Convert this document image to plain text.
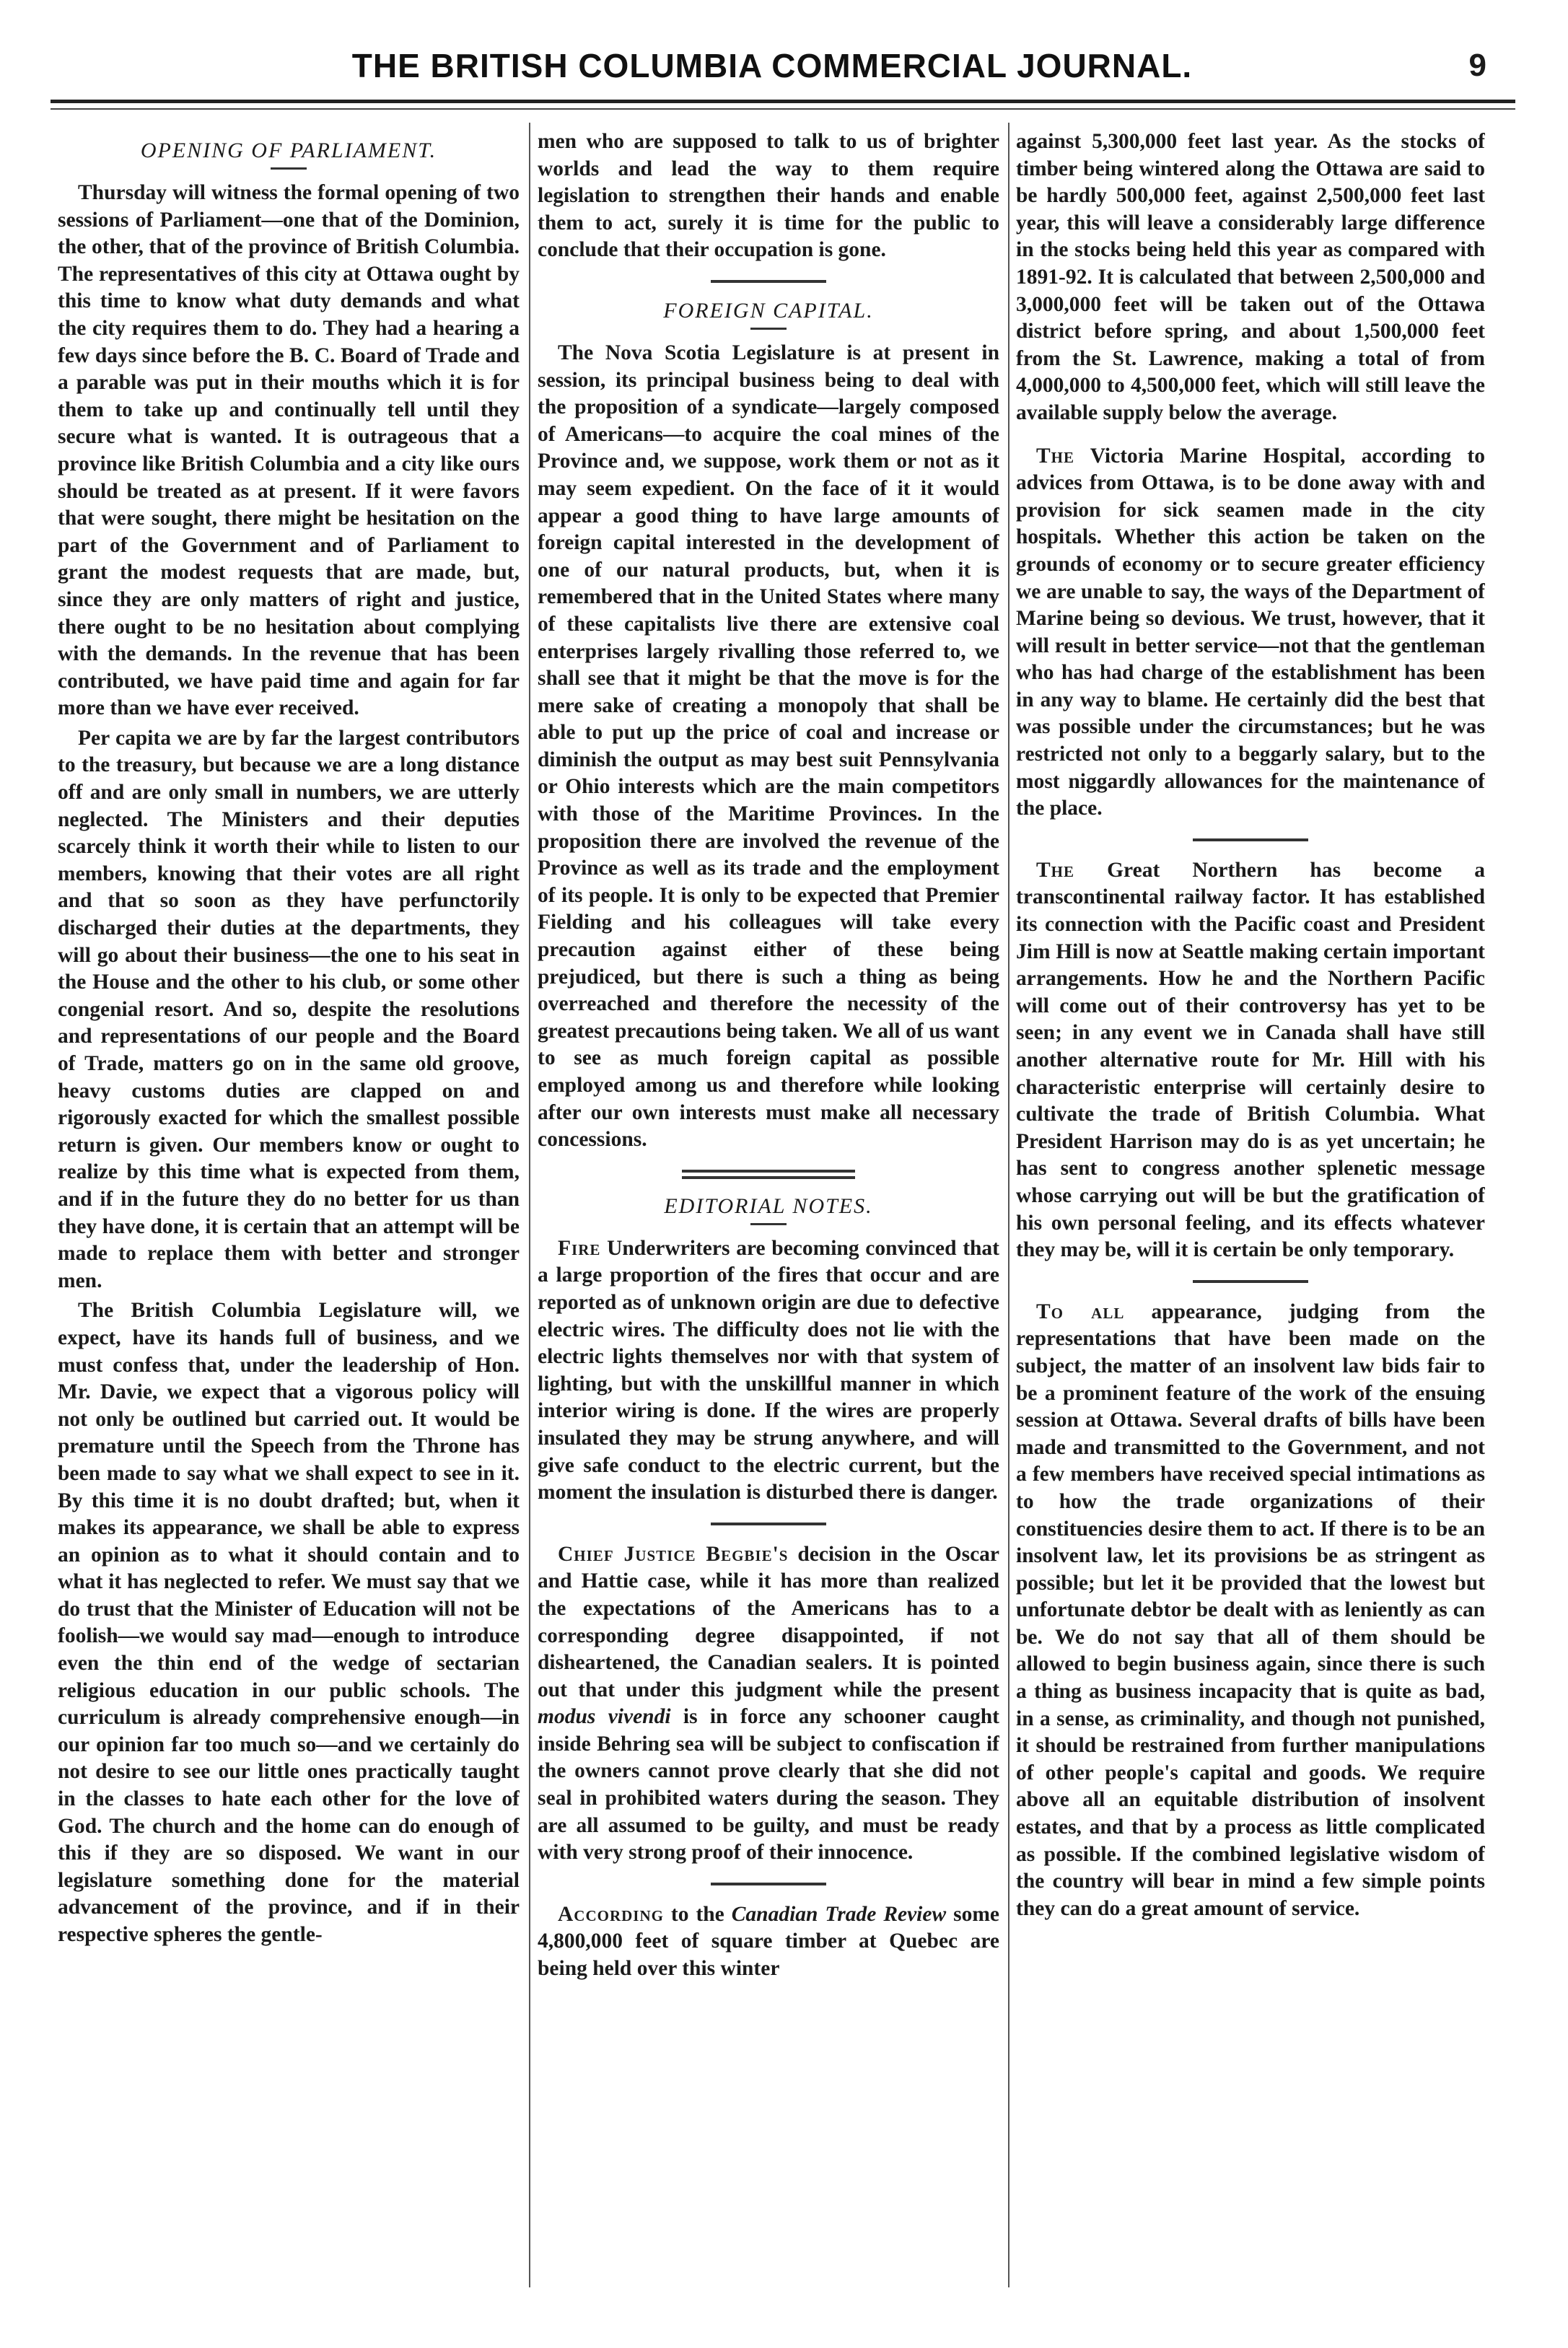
THE BRITISH COLUMBIA COMMERCIAL JOURNAL.	9
OPENING OF PARLIAMENT.

Thursday will witness the formal opening of two sessions of Parliament—one that of the Dominion, the other, that of the province of British Columbia. The representatives of this city at Ottawa ought by this time to know what duty demands and what the city requires them to do. They had a hearing a few days since before the B. C. Board of Trade and a parable was put in their mouths which it is for them to take up and continually tell until they secure what is wanted. It is outrageous that a province like British Columbia and a city like ours should be treated as at present. If it were favors that were sought, there might be hesitation on the part of the Government and of Parliament to grant the modest requests that are made, but, since they are only matters of right and justice, there ought to be no hesitation about complying with the demands. In the revenue that has been contributed, we have paid time and again for far more than we have ever received.

Per capita we are by far the largest contributors to the treasury, but because we are a long distance off and are only small in numbers, we are utterly neglected. The Ministers and their deputies scarcely think it worth their while to listen to our members, knowing that their votes are all right and that so soon as they have perfunctorily discharged their duties at the departments, they will go about their business—the one to his seat in the House and the other to his club, or some other congenial resort. And so, despite the resolutions and representations of our people and the Board of Trade, matters go on in the same old groove, heavy customs duties are clapped on and rigorously exacted for which the smallest possible return is given. Our members know or ought to realize by this time what is expected from them, and if in the future they do no better for us than they have done, it is certain that an attempt will be made to replace them with better and stronger men.

The British Columbia Legislature will, we expect, have its hands full of business, and we must confess that, under the leadership of Hon. Mr. Davie, we expect that a vigorous policy will not only be outlined but carried out. It would be premature until the Speech from the Throne has been made to say what we shall expect to see in it. By this time it is no doubt drafted; but, when it makes its appearance, we shall be able to express an opinion as to what it should contain and to what it has neglected to refer. We must say that we do trust that the Minister of Education will not be foolish—we would say mad—enough to introduce even the thin end of the wedge of sectarian religious education in our public schools. The curriculum is already comprehensive enough—in our opinion far too much so—and we certainly do not desire to see our little ones practically taught in the classes to hate each other for the love of God. The church and the home can do enough of this if they are so disposed. We want in our legislature something done for the material advancement of the province, and if in their respective spheres the gentle-

men who are supposed to talk to us of brighter worlds and lead the way to them require legislation to strengthen their hands and enable them to act, surely it is time for the public to conclude that their occupation is gone.

FOREIGN CAPITAL.

The Nova Scotia Legislature is at present in session, its principal business being to deal with the proposition of a syndicate—largely composed of Americans—to acquire the coal mines of the Province and, we suppose, work them or not as it may seem expedient. On the face of it it would appear a good thing to have large amounts of foreign capital interested in the development of one of our natural products, but, when it is remembered that in the United States where many of these capitalists live there are extensive coal enterprises largely rivalling those referred to, we shall see that it might be that the move is for the mere sake of creating a monopoly that shall be able to put up the price of coal and increase or diminish the output as may best suit Pennsylvania or Ohio interests which are the main competitors with those of the Maritime Provinces. In the proposition there are involved the revenue of the Province as well as its trade and the employment of its people. It is only to be expected that Premier Fielding and his colleagues will take every precaution against either of these being prejudiced, but there is such a thing as being overreached and therefore the necessity of the greatest precautions being taken. We all of us want to see as much foreign capital as possible employed among us and therefore while looking after our own interests must make all necessary concessions.

EDITORIAL NOTES.

Fire Underwriters are becoming convinced that a large proportion of the fires that occur and are reported as of unknown origin are due to defective electric wires. The difficulty does not lie with the electric lights themselves nor with that system of lighting, but with the unskillful manner in which interior wiring is done. If the wires are properly insulated they may be strung anywhere, and will give safe conduct to the electric current, but the moment the insulation is disturbed there is danger.

Chief Justice Begbie's decision in the Oscar and Hattie case, while it has more than realized the expectations of the Americans has to a corresponding degree disappointed, if not disheartened, the Canadian sealers. It is pointed out that under this judgment while the present modus vivendi is in force any schooner caught inside Behring sea will be subject to confiscation if the owners cannot prove clearly that she did not seal in prohibited waters during the season. They are all assumed to be guilty, and must be ready with very strong proof of their innocence.

According to the Canadian Trade Review some 4,800,000 feet of square timber at Quebec are being held over this winter

against 5,300,000 feet last year. As the stocks of timber being wintered along the Ottawa are said to be hardly 500,000 feet, against 2,500,000 feet last year, this will leave a considerably large difference in the stocks being held this year as compared with 1891-92. It is calculated that between 2,500,000 and 3,000,000 feet will be taken out of the Ottawa district before spring, and about 1,500,000 feet from the St. Lawrence, making a total of from 4,000,000 to 4,500,000 feet, which will still leave the available supply below the average.

The Victoria Marine Hospital, according to advices from Ottawa, is to be done away with and provision for sick seamen made in the city hospitals. Whether this action be taken on the grounds of economy or to secure greater efficiency we are unable to say, the ways of the Department of Marine being so devious. We trust, however, that it will result in better service—not that the gentleman who has had charge of the establishment has been in any way to blame. He certainly did the best that was possible under the circumstances; but he was restricted not only to a beggarly salary, but to the most niggardly allowances for the maintenance of the place.

The Great Northern has become a transcontinental railway factor. It has established its connection with the Pacific coast and President Jim Hill is now at Seattle making certain important arrangements. How he and the Northern Pacific will come out of their controversy has yet to be seen; in any event we in Canada shall have still another alternative route for Mr. Hill with his characteristic enterprise will certainly desire to cultivate the trade of British Columbia. What President Harrison may do is as yet uncertain; he has sent to congress another splenetic message whose carrying out will be but the gratification of his own personal feeling, and its effects whatever they may be, will it is certain be only temporary.

To all appearance, judging from the representations that have been made on the subject, the matter of an insolvent law bids fair to be a prominent feature of the work of the ensuing session at Ottawa. Several drafts of bills have been made and transmitted to the Government, and not a few members have received special intimations as to how the trade organizations of their constituencies desire them to act. If there is to be an insolvent law, let its provisions be as stringent as possible; but let it be provided that the lowest but unfortunate debtor be dealt with as leniently as can be. We do not say that all of them should be allowed to begin business again, since there is such a thing as business incapacity that is quite as bad, in a sense, as criminality, and though not punished, it should be restrained from further manipulations of other people's capital and goods. We require above all an equitable distribution of insolvent estates, and that by a process as little complicated as possible. If the combined legislative wisdom of the country will bear in mind a few simple points they can do a great amount of service.
